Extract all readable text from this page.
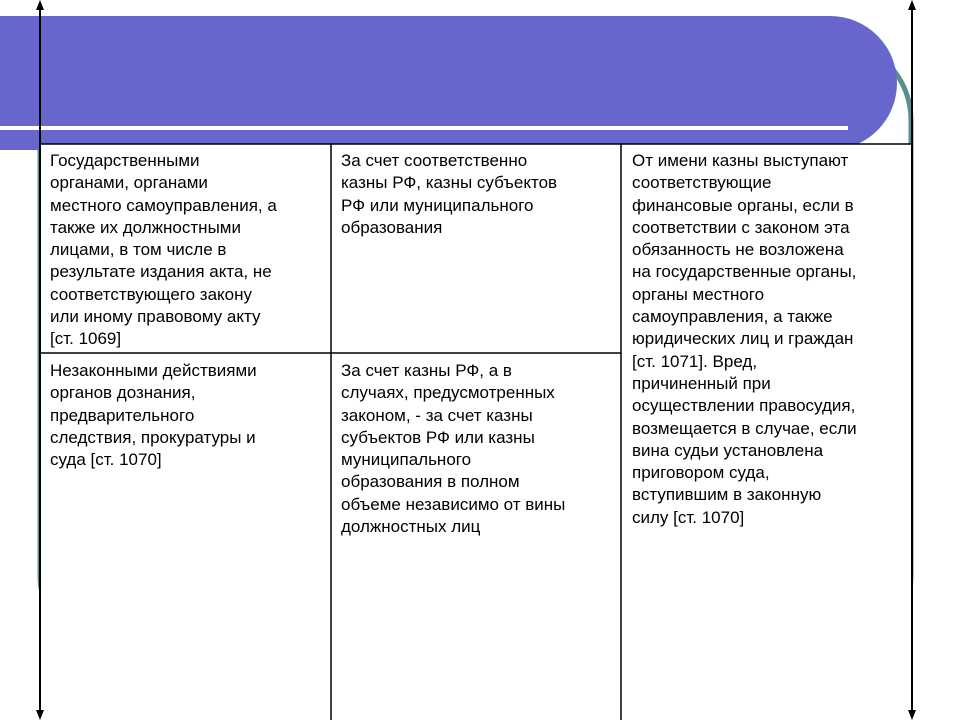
Государственными
органами, органами
местного самоуправления, а
также их должностными
лицами, в том числе в
результате издания акта, не
соответствующего закону
или иному правовому акту
[ст. 1069]
За счет соответственно
казны РФ, казны субъектов
РФ или муниципального
образования
Незаконными действиями
органов дознания,
предварительного
следствия, прокуратуры и
суда [ст. 1070]
За счет казны РФ, а в
случаях, предусмотренных
законом, - за счет казны
субъектов РФ или казны
муниципального
образования в полном
объеме независимо от вины
должностных лиц
От имени казны выступают
соответствующие
финансовые органы, если в
соответствии с законом эта
обязанность не возложена
на государственные органы,
органы местного
самоуправления, а также
юридических лиц и граждан
[ст. 1071]. Вред,
причиненный при
осуществлении правосудия,
возмещается в случае, если
вина судьи установлена
приговором суда,
вступившим в законную
силу [ст. 1070]
